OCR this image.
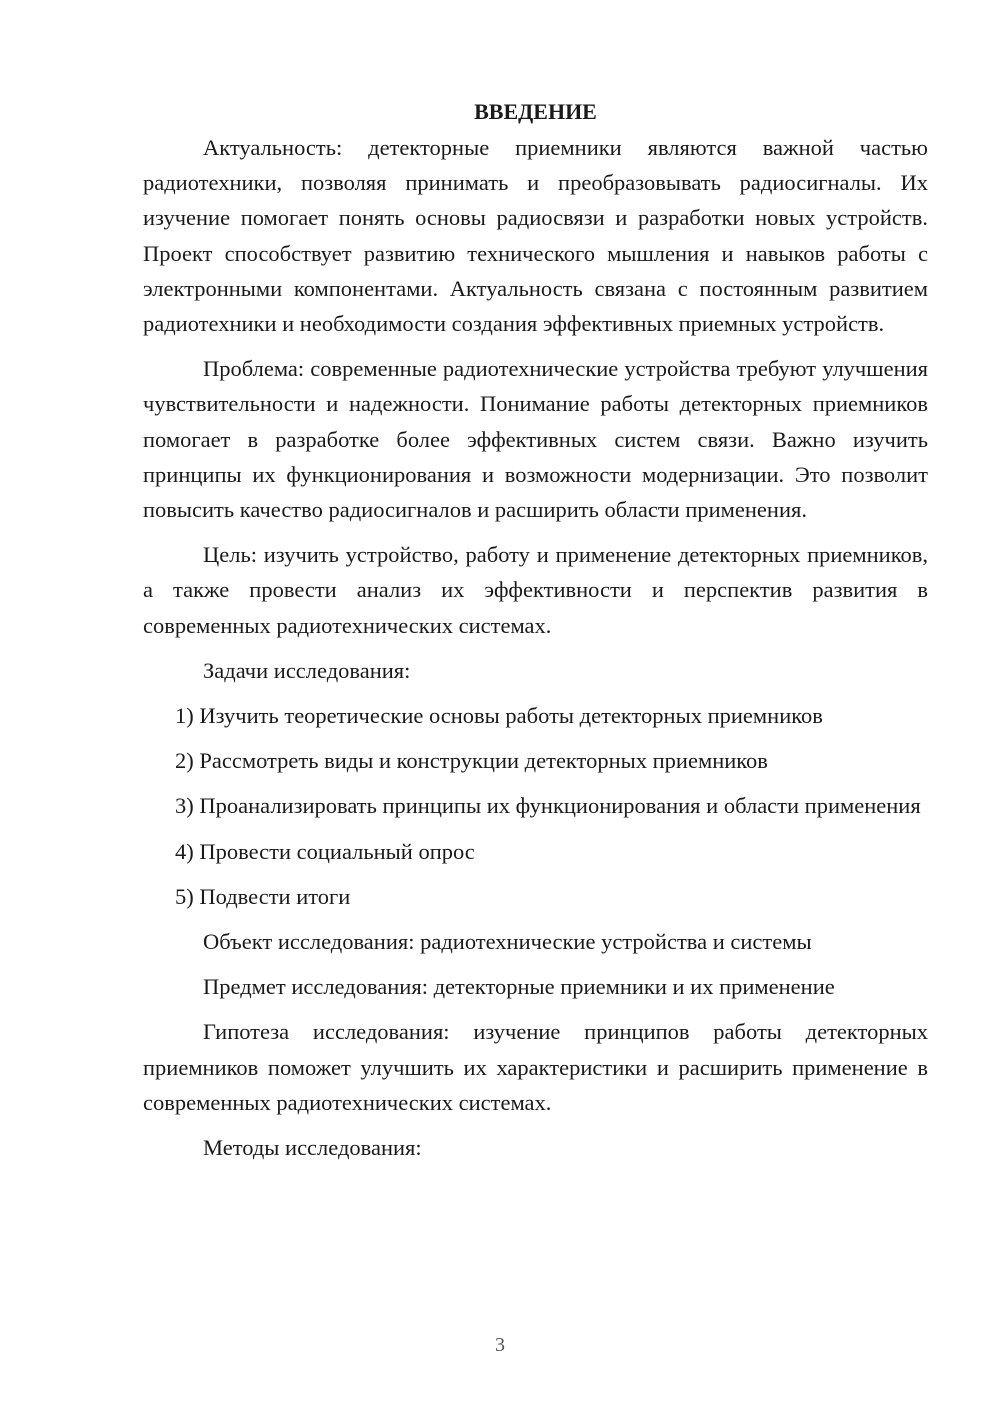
ВВЕДЕНИЕ

Актуальность: детекторные приемники являются важной частью радиотехники, позволяя принимать и преобразовывать радиосигналы. Их изучение помогает понять основы радиосвязи и разработки новых устройств. Проект способствует развитию технического мышления и навыков работы с электронными компонентами. Актуальность связана с постоянным развитием радиотехники и необходимости создания эффективных приемных устройств.

Проблема: современные радиотехнические устройства требуют улучшения чувствительности и надежности. Понимание работы детекторных приемников помогает в разработке более эффективных систем связи. Важно изучить принципы их функционирования и возможности модернизации. Это позволит повысить качество радиосигналов и расширить области применения.

Цель: изучить устройство, работу и применение детекторных приемников, а также провести анализ их эффективности и перспектив развития в современных радиотехнических системах.

Задачи исследования:

1) Изучить теоретические основы работы детекторных приемников

2) Рассмотреть виды и конструкции детекторных приемников

3) Проанализировать принципы их функционирования и области применения

4) Провести социальный опрос

5) Подвести итоги

Объект исследования: радиотехнические устройства и системы

Предмет исследования: детекторные приемники и их применение

Гипотеза исследования: изучение принципов работы детекторных приемников поможет улучшить их характеристики и расширить применение в современных радиотехнических системах.

Методы исследования:

3
